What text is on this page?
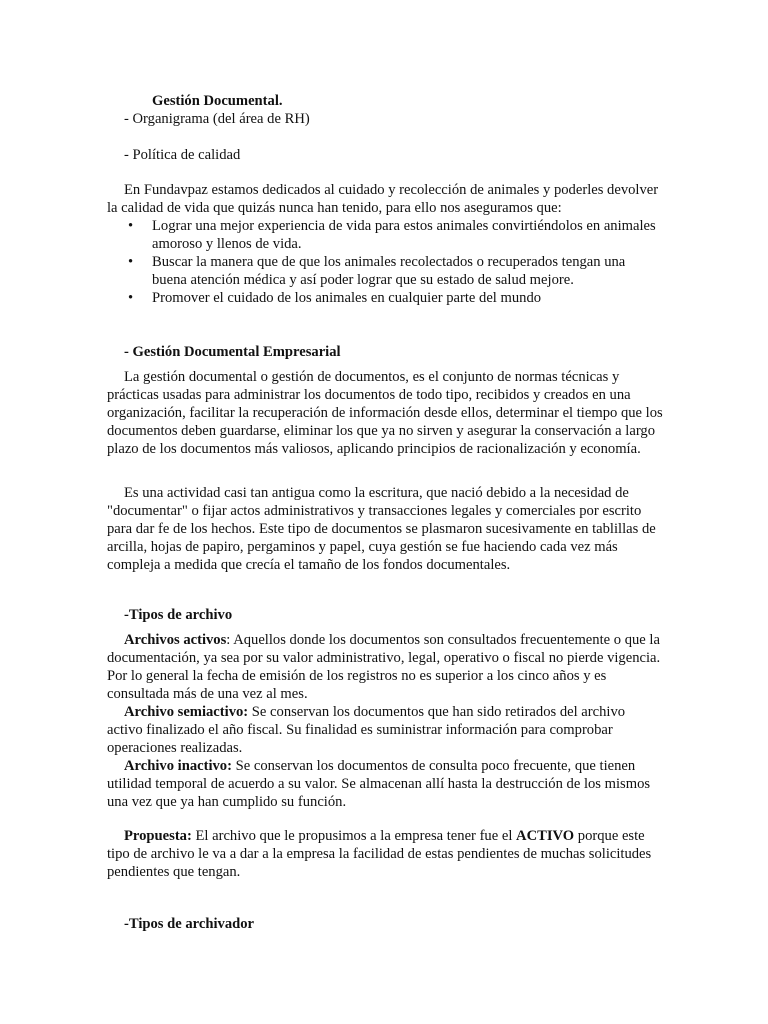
Gestión Documental.

- Organigrama (del área de RH)

- Política de calidad

En Fundavpaz estamos dedicados al cuidado y recolección de animales y poderles devolver la calidad de vida que quizás nunca han tenido, para ello nos aseguramos que:

• Lograr una mejor experiencia de vida para estos animales convirtiéndolos en animales amoroso y llenos de vida.
• Buscar la manera que de que los animales recolectados o recuperados tengan una buena atención médica y así poder lograr que su estado de salud mejore.
• Promover el cuidado de los animales en cualquier parte del mundo

- Gestión Documental Empresarial

La gestión documental o gestión de documentos, es el conjunto de normas técnicas y prácticas usadas para administrar los documentos de todo tipo, recibidos y creados en una organización, facilitar la recuperación de información desde ellos, determinar el tiempo que los documentos deben guardarse, eliminar los que ya no sirven y asegurar la conservación a largo plazo de los documentos más valiosos, aplicando principios de racionalización y economía.

Es una actividad casi tan antigua como la escritura, que nació debido a la necesidad de "documentar" o fijar actos administrativos y transacciones legales y comerciales por escrito para dar fe de los hechos. Este tipo de documentos se plasmaron sucesivamente en tablillas de arcilla, hojas de papiro, pergaminos y papel, cuya gestión se fue haciendo cada vez más compleja a medida que crecía el tamaño de los fondos documentales.

-Tipos de archivo

Archivos activos: Aquellos donde los documentos son consultados frecuentemente o que la documentación, ya sea por su valor administrativo, legal, operativo o fiscal no pierde vigencia. Por lo general la fecha de emisión de los registros no es superior a los cinco años y es consultada más de una vez al mes.

Archivo semiactivo: Se conservan los documentos que han sido retirados del archivo activo finalizado el año fiscal. Su finalidad es suministrar información para comprobar operaciones realizadas.

Archivo inactivo: Se conservan los documentos de consulta poco frecuente, que tienen utilidad temporal de acuerdo a su valor. Se almacenan allí hasta la destrucción de los mismos una vez que ya han cumplido su función.

Propuesta: El archivo que le propusimos a la empresa tener fue el ACTIVO porque este tipo de archivo le va a dar a la empresa la facilidad de estas pendientes de muchas solicitudes pendientes que tengan.

-Tipos de archivador
